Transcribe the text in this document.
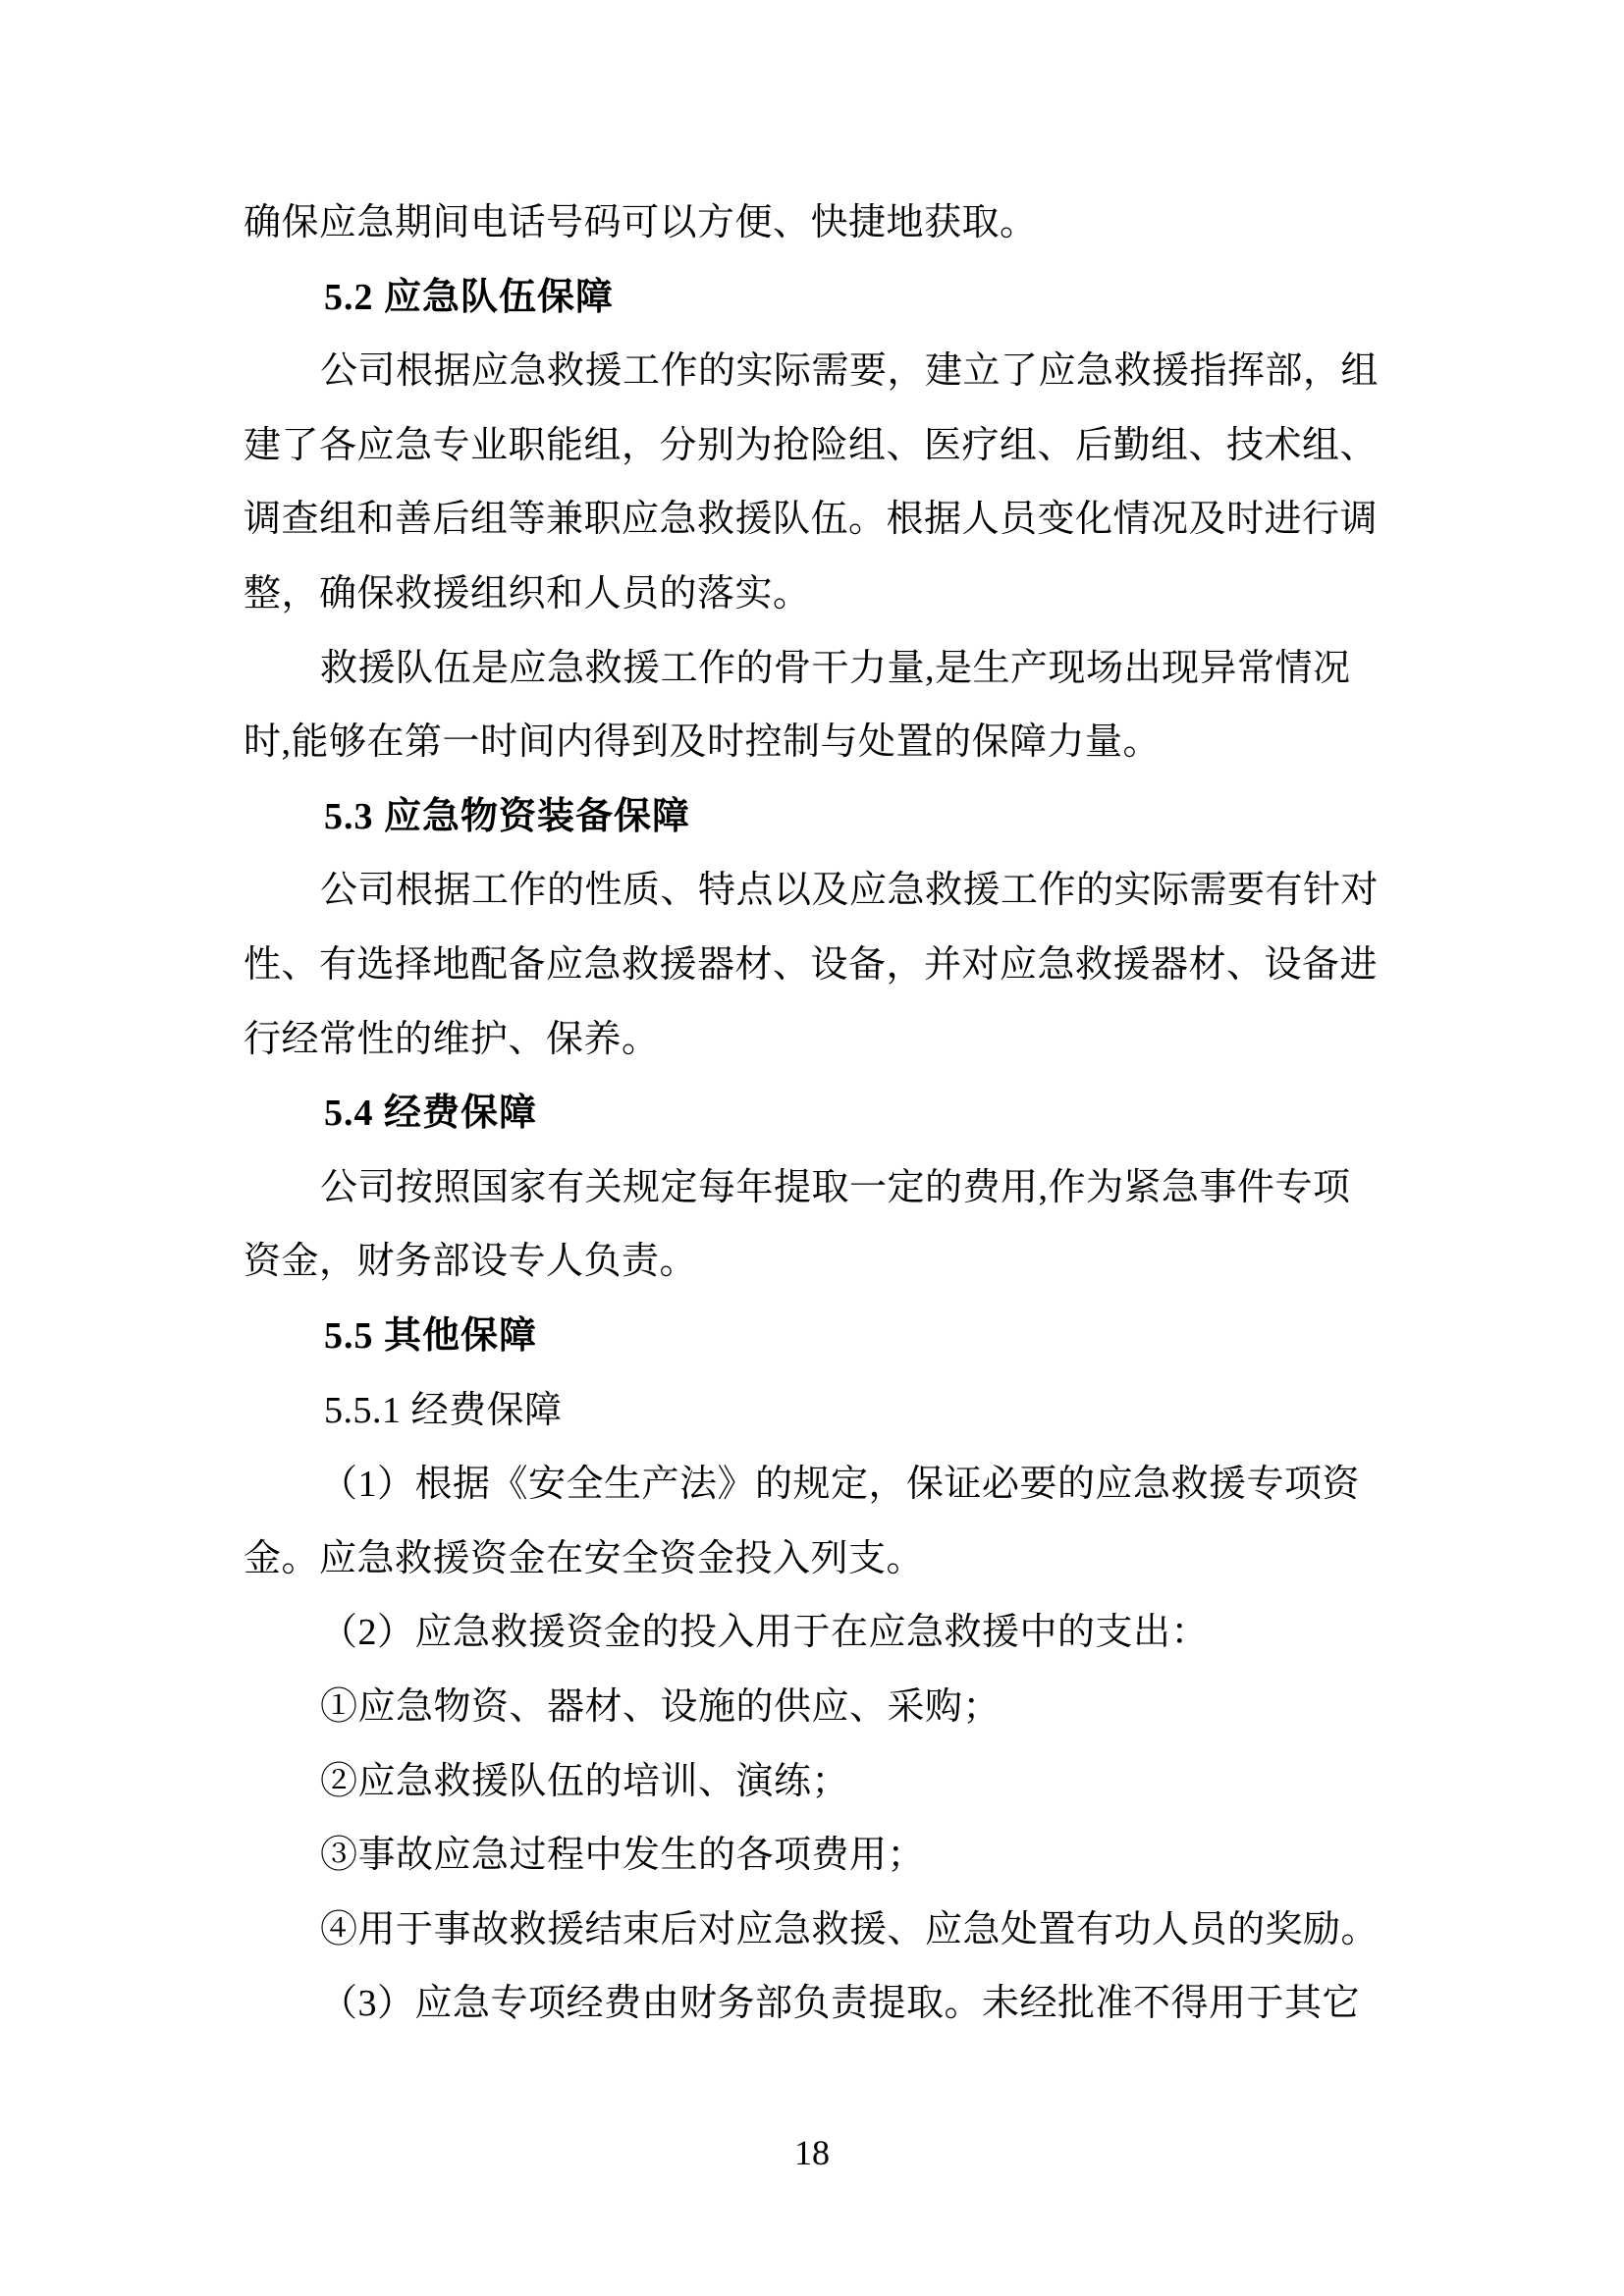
确保应急期间电话号码可以方便、快捷地获取。
5.2 应急队伍保障
公司根据应急救援工作的实际需要，建立了应急救援指挥部，组
建了各应急专业职能组，分别为抢险组、医疗组、后勤组、技术组、
调查组和善后组等兼职应急救援队伍。根据人员变化情况及时进行调
整，确保救援组织和人员的落实。
救援队伍是应急救援工作的骨干力量,是生产现场出现异常情况
时,能够在第一时间内得到及时控制与处置的保障力量。
5.3 应急物资装备保障
公司根据工作的性质、特点以及应急救援工作的实际需要有针对
性、有选择地配备应急救援器材、设备，并对应急救援器材、设备进
行经常性的维护、保养。
5.4 经费保障
公司按照国家有关规定每年提取一定的费用,作为紧急事件专项
资金，财务部设专人负责。
5.5 其他保障
5.5.1 经费保障
（1）根据《安全生产法》的规定，保证必要的应急救援专项资
金。应急救援资金在安全资金投入列支。
（2）应急救援资金的投入用于在应急救援中的支出：
①应急物资、器材、设施的供应、采购；
②应急救援队伍的培训、演练；
③事故应急过程中发生的各项费用；
④用于事故救援结束后对应急救援、应急处置有功人员的奖励。
（3）应急专项经费由财务部负责提取。未经批准不得用于其它
18
